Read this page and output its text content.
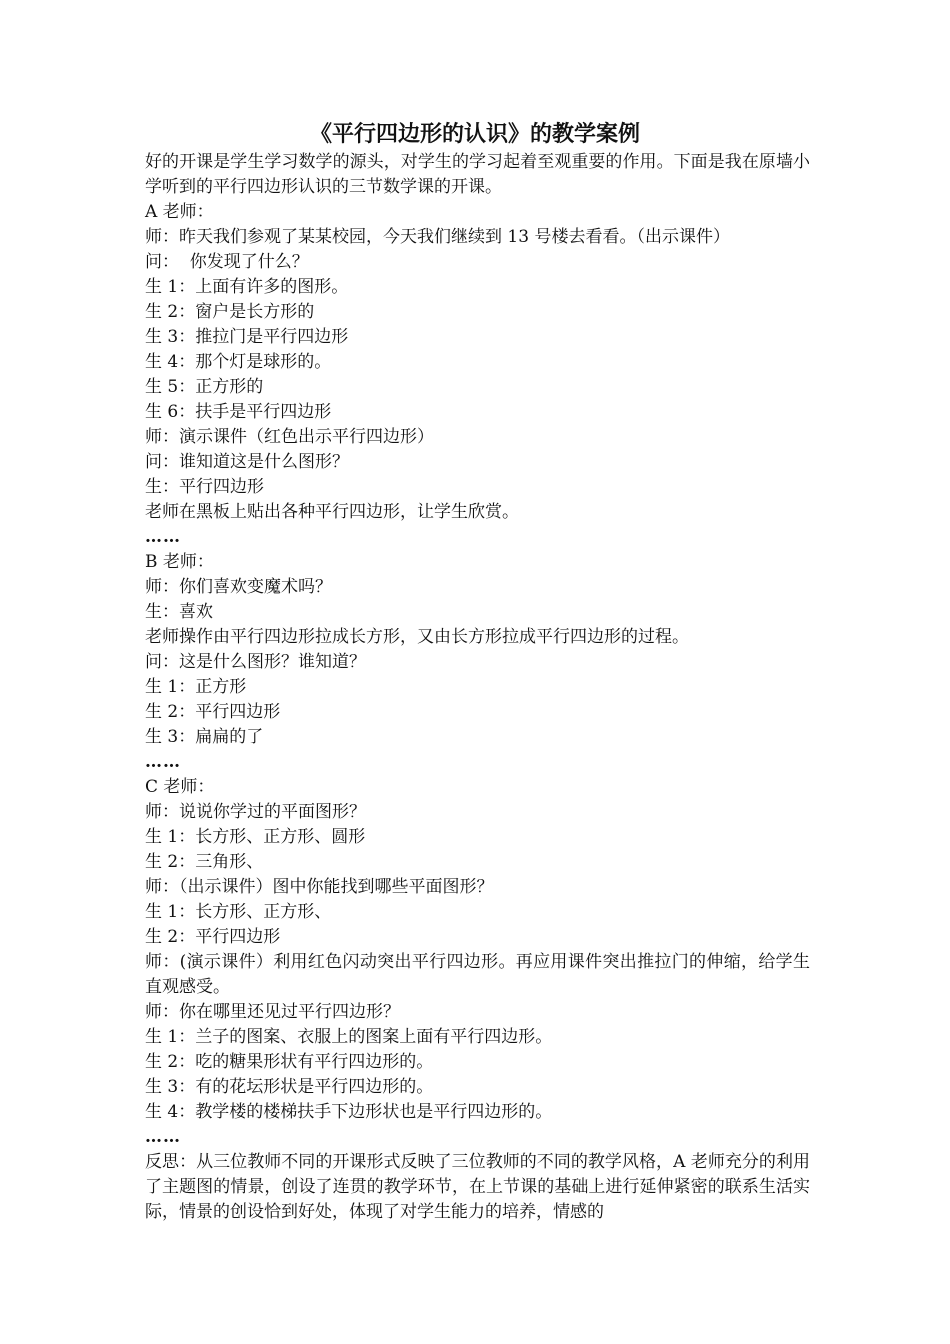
《平行四边形的认识》的教学案例
好的开课是学生学习数学的源头，对学生的学习起着至观重要的作用。下面是我在原墙小学听到的平行四边形认识的三节数学课的开课。
A 老师：
师：昨天我们参观了某某校园，今天我们继续到 13 号楼去看看。（出示课件）
问：  你发现了什么？
生 1：上面有许多的图形。
生 2：窗户是长方形的
生 3：推拉门是平行四边形
生 4：那个灯是球形的。
生 5：正方形的
生 6：扶手是平行四边形
师：演示课件（红色出示平行四边形）
问：谁知道这是什么图形？
生：平行四边形
老师在黑板上贴出各种平行四边形，让学生欣赏。
……
B 老师：
师：你们喜欢变魔术吗？
生：喜欢
老师操作由平行四边形拉成长方形，又由长方形拉成平行四边形的过程。
问：这是什么图形？谁知道？
生 1：正方形
生 2：平行四边形
生 3：扁扁的了
……
C 老师：
师：说说你学过的平面图形？
生 1：长方形、正方形、圆形
生 2：三角形、
师：（出示课件）图中你能找到哪些平面图形？
生 1：长方形、正方形、
生 2：平行四边形
师：(演示课件）利用红色闪动突出平行四边形。再应用课件突出推拉门的伸缩，给学生直观感受。
师：你在哪里还见过平行四边形？
生 1：兰子的图案、衣服上的图案上面有平行四边形。
生 2：吃的糖果形状有平行四边形的。
生 3：有的花坛形状是平行四边形的。
生 4：教学楼的楼梯扶手下边形状也是平行四边形的。
……
反思：从三位教师不同的开课形式反映了三位教师的不同的教学风格，A 老师充分的利用了主题图的情景，创设了连贯的教学环节，在上节课的基础上进行延伸紧密的联系生活实际，情景的创设恰到好处，体现了对学生能力的培养，情感的
